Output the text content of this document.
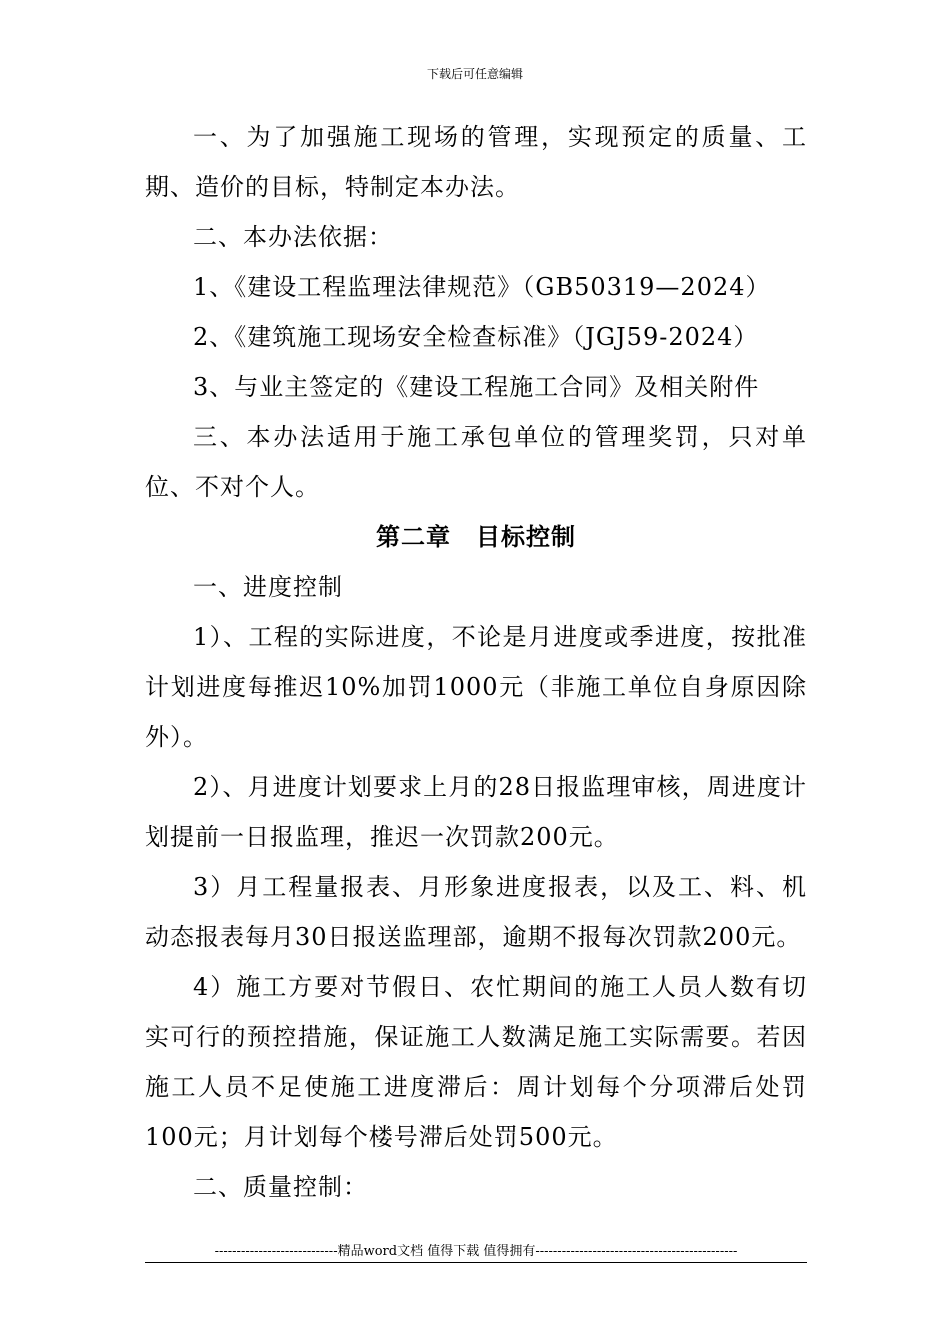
下载后可任意编辑

一、为了加强施工现场的管理，实现预定的质量、工期、造价的目标，特制定本办法。

二、本办法依据：

1、《建设工程监理法律规范》（GB50319—2024）

2、《建筑施工现场安全检查标准》（JGJ59-2024）

3、与业主签定的《建设工程施工合同》及相关附件

三、本办法适用于施工承包单位的管理奖罚，只对单位、不对个人。

第二章　目标控制

一、进度控制

1）、工程的实际进度，不论是月进度或季进度，按批准计划进度每推迟10%加罚1000元（非施工单位自身原因除外）。

2）、月进度计划要求上月的28日报监理审核，周进度计划提前一日报监理，推迟一次罚款200元。

3）月工程量报表、月形象进度报表，以及工、料、机动态报表每月30日报送监理部，逾期不报每次罚款200元。

4）施工方要对节假日、农忙期间的施工人员人数有切实可行的预控措施，保证施工人数满足施工实际需要。若因施工人员不足使施工进度滞后：周计划每个分项滞后处罚100元；月计划每个楼号滞后处罚500元。

二、质量控制：

----------------------------精品word文档 值得下载 值得拥有----------------------------------------------
